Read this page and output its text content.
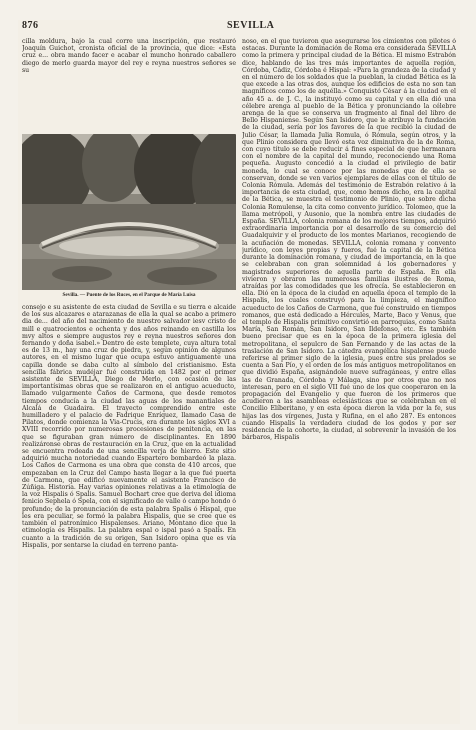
876	SEVILLA
cilla moldura, bajo la cual corre una inscripción, que restauró Joaquín Guichot, cronista oficial de la provincia, que dice: «Esta cruz e... obra mando facer e acabar el muncho honrado caballero diego de merlo guarda mayor del rey e reyna nuestros señores se su
Sevilla. — Puente de los Ruces, en el Parque de María Luisa
consejo e su asistente de esta ciudad de Sevilla e su tierra e alcaide de los sus alcazares e atarazanas de ella la qual se acabo a primero dia de... del año del nacimiento de nuestro salvador iesv cristo de mill e quatrocientos e ochenta y dos años reinando en castilla los mvy altos e siempre augustos rey e reyna nuestros señores don fernando y doña isabel.» Dentro de este templete, cuya altura total es de 13 m., hay una cruz de piedra, y, según opinión de algunos autores, en el mismo lugar que ocupa estuvo antiguamente una capilla donde se daba culto al símbolo del cristianismo. Esta sencilla fábrica mudéjar fué construida en 1482 por el primer asistente de SEVILLA, Diego de Merlo, con ocasión de las importantísimas obras que se realizaron en el antiguo acueducto, llamado vulgarmente Caños de Carmona, que desde remotos tiempos conducía a la ciudad las aguas de los manantiales de Alcalá de Guadaira. El trayecto comprendido entre este humilladero y el palacio de Fadrique Enríquez, llamado Casa de Pilatos, donde comienza la Via-Crucis, era durante los siglos XVI a XVIII recorrido por numerosas procesiones de penitencia, en las que se figuraban gran número de disciplinantes. En 1890 realizáronse obras de restauración en la Cruz, que en la actualidad se encuentra rodeada de una sencilla verja de hierro. Este sitio adquirió mucha notoriedad cuando Espartero bombardeó la plaza. Los Caños de Carmona es una obra que consta de 410 arcos, que empezaban en la Cruz del Campo hasta llegar a la que fué puerta de Carmona, que edificó nuevamente el asistente Francisco de Zúñiga. Historia. Hay varias opiniones relativas a la etimología de la voz Hispalis ó Spalis. Samuel Bochart cree que deriva del idioma fenicio Sephela ó Spela, con el significado de valle ó campo hondo ó profundo; de la pronunciación de esta palabra Spalis ó Hispal, que les era peculiar, se formó la palabra Hispalis, que se cree que es también el patronímico Hispalenses. Ariano, Montano dice que la etimología es Hispalis. La palabra espal o ispal pasó a Spalis. En cuanto a la tradición de su origen, San Isidoro opina que es vía Hispalis, por sentarse la ciudad en terreno panta-
noso, en el que tuvieron que asegurarse los cimientos con pilotes ó estacas. Durante la dominación de Roma era considerada SEVILLA como la primera y principal ciudad de la Bética. El mismo Estrabón dice, hablando de las tres más importantes de aquella región, Córdoba, Cádiz, Córdoba é Hispal: «Para la grandeza de la ciudad y en el número de los soldados que la pueblan, la ciudad Bética es la que excede a las otras dos, aunque los edificios de esta no son tan magníficos como los de aquélla.» Conquistó César á la ciudad en el año 45 a. de J. C., la instituyó como su capital y en ella dió una célebre arenga al pueblo de la Bética y pronunciando la célebre arenga de la que se conserva un fragmento al final del libro de Bello Hispaniense. Según San Isidoro, que le atribuye la fundación de la ciudad, sería por los favores de la que recibió la ciudad de Julio César, la llamada Julia Romula, ó Rómula, según otros, y la que Plinio considera que llevó esta voz diminutiva de la de Roma, con cuyo título se debe reducir á fines especial de que hermanara con el nombre de la capital del mundo, reconociendo una Roma pequeña. Augusto concedió a la ciudad el privilegio de batir moneda, lo cual se conoce por las monedas que de ella se conservan, donde se ven varios ejemplares de ellas con el título de Colonia Rómula. Además del testimonio de Estrabón relativo á la importancia de esta ciudad, que, como hemos dicho, era la capital de la Bética, se muestra el testimonio de Plinio, que sobre dicha Colonia Romulense, la cita como convento jurídico. Tolomeo, que la llama metrópoli, y Ausonio, que la nombra entre las ciudades de España. SEVILLA, colonia romana de los mejores tiempos, adquirió extraordinaria importancia por el desarrollo de su comercio del Guadalquivir y el producto de los montes Marianos, recogiendo de la acuñación de monedas. SEVILLA, colonia romana y convento jurídico, con leyes propias y fueros, fué la capital de la Bética durante la dominación romana, y ciudad de importancia, en la que se celebraban con gran solemnidad á los gobernadores y magistrados superiores de aquella parte de España. En ella vivieron y obraron las numerosas familias ilustres de Roma, atraídas por las comodidades que les ofrecía. Se establecieron en ella. Dió en la época de la ciudad en aquella época el templo de la Hispalis, los cuales construyó para la limpieza, el magnífico acueducto de los Caños de Carmona, que fué construido en tiempos romanos, que está dedicado a Hércules, Marte, Baco y Venus, que el templo de Hispalis primitivo convirtió en parroquias, como Santa María, San Román, San Isidoro, San Ildefonso, etc. Es también bueno precisar que es en la época de la primera iglesia del metropolitana, el sepulcro de San Fernando y de las actas de la traslación de San Isidoro. La cátedra evangélica hispalense puede referirse al primer siglo de la iglesia, pues entre sus prelados se cuenta a San Pío, y el orden de los más antiguos metropolitanos en que dividió España, asignándole nueve sufragáneas, y entre ellas las de Granada, Córdoba y Málaga, sino por otros que no nos interesan, pero en el siglo VII fué uno de los que cooperaron en la propagación del Evangelio y que fueron de los primeros que acudieron a las asambleas eclesiásticas que se celebraban en el Concilio Elíberitano, y en esta época dieron la vida por la fe, sus hijas las dos vírgenes, Justa y Rufina, en el año 287. Es entonces cuando Hispalis la verdadera ciudad de los godos y por ser residencia de la cohorte, la ciudad, al sobrevenir la invasión de los bárbaros, Hispalis
